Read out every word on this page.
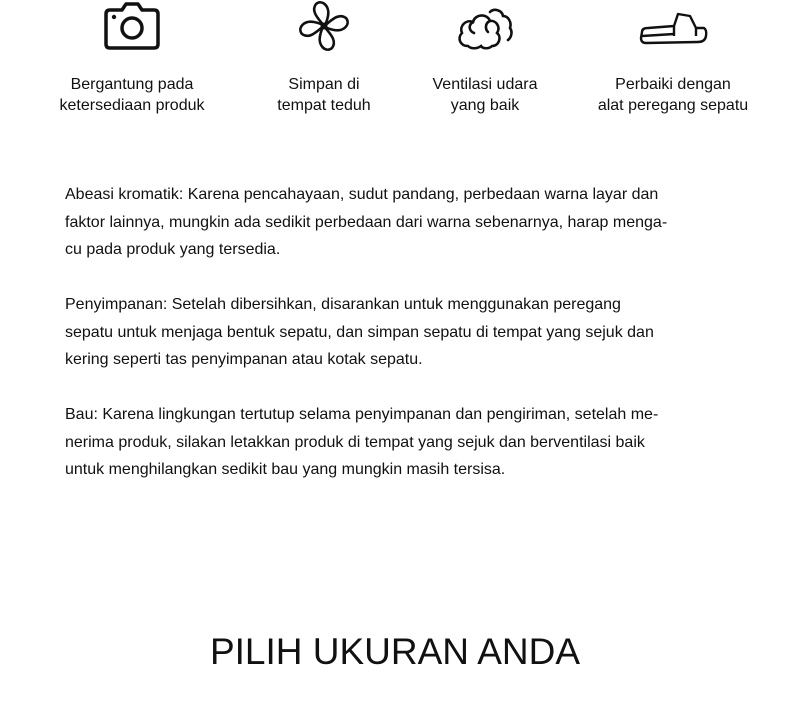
Bergantung pada
ketersediaan produk
Simpan di
tempat teduh
Ventilasi udara
yang baik
Perbaiki dengan
alat peregang sepatu

Abeasi kromatik: Karena pencahayaan, sudut pandang, perbedaan warna layar dan
faktor lainnya, mungkin ada sedikit perbedaan dari warna sebenarnya, harap menga-
cu pada produk yang tersedia.

Penyimpanan: Setelah dibersihkan, disarankan untuk menggunakan peregang
sepatu untuk menjaga bentuk sepatu, dan simpan sepatu di tempat yang sejuk dan
kering seperti tas penyimpanan atau kotak sepatu.

Bau: Karena lingkungan tertutup selama penyimpanan dan pengiriman, setelah me-
nerima produk, silakan letakkan produk di tempat yang sejuk dan berventilasi baik
untuk menghilangkan sedikit bau yang mungkin masih tersisa.

PILIH UKURAN ANDA
